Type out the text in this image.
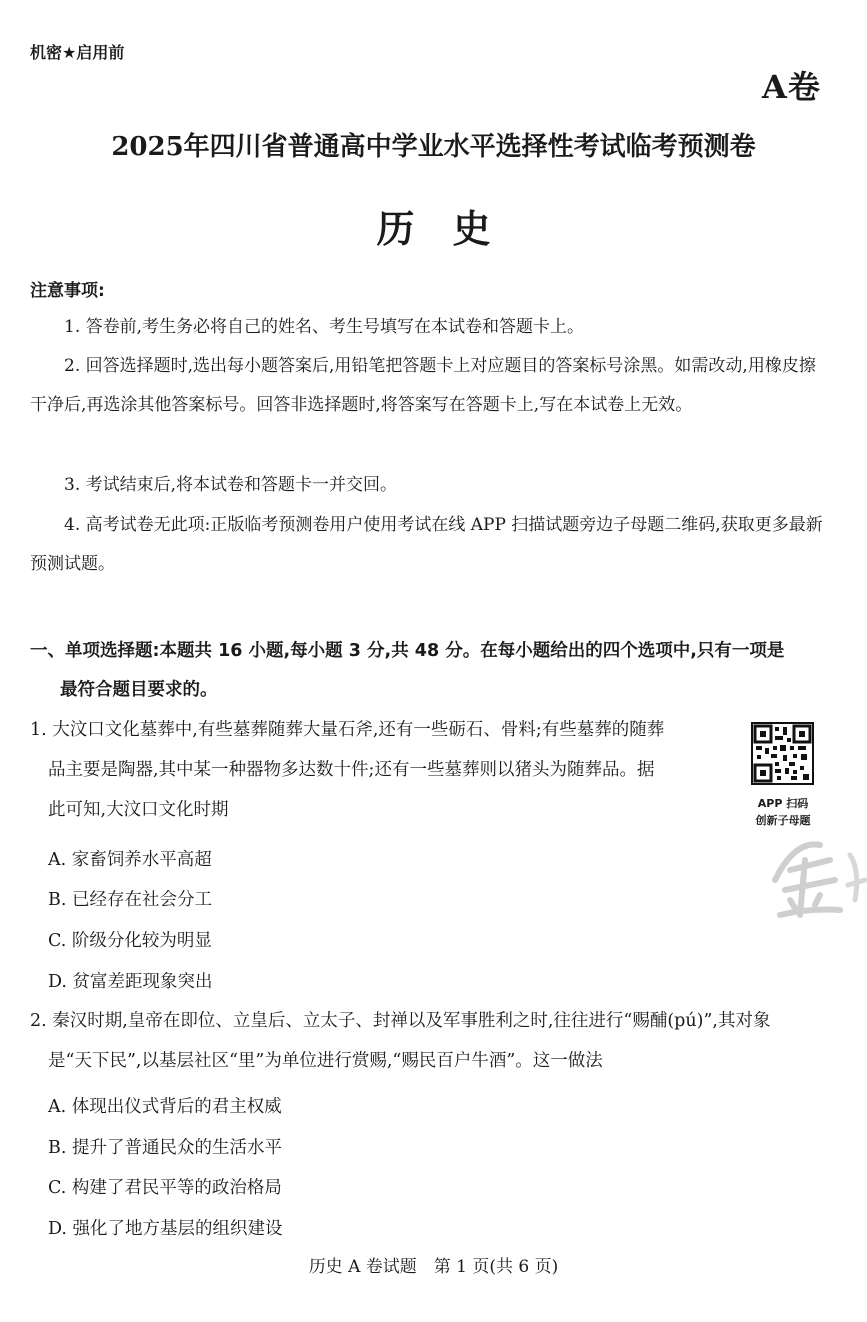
机密★启用前
A卷
2025年四川省普通高中学业水平选择性考试临考预测卷
历史
注意事项:
1. 答卷前,考生务必将自己的姓名、考生号填写在本试卷和答题卡上。
2. 回答选择题时,选出每小题答案后,用铅笔把答题卡上对应题目的答案标号涂黑。如需改动,用橡皮擦干净后,再选涂其他答案标号。回答非选择题时,将答案写在答题卡上,写在本试卷上无效。
3. 考试结束后,将本试卷和答题卡一并交回。
4. 高考试卷无此项:正版临考预测卷用户使用考试在线 APP 扫描试题旁边子母题二维码,获取更多最新预测试题。
一、单项选择题:本题共 16 小题,每小题 3 分,共 48 分。在每小题给出的四个选项中,只有一项是
最符合题目要求的。
1. 大汶口文化墓葬中,有些墓葬随葬大量石斧,还有一些砺石、骨料;有些墓葬的随葬
品主要是陶器,其中某一种器物多达数十件;还有一些墓葬则以猪头为随葬品。据
此可知,大汶口文化时期
A. 家畜饲养水平高超
B. 已经存在社会分工
C. 阶级分化较为明显
D. 贫富差距现象突出
APP 扫码
创新子母题
2. 秦汉时期,皇帝在即位、立皇后、立太子、封禅以及军事胜利之时,往往进行“赐酺(pú)”,其对象
是“天下民”,以基层社区“里”为单位进行赏赐,“赐民百户牛酒”。这一做法
A. 体现出仪式背后的君主权威
B. 提升了普通民众的生活水平
C. 构建了君民平等的政治格局
D. 强化了地方基层的组织建设
历史 A 卷试题　第 1 页(共 6 页)
